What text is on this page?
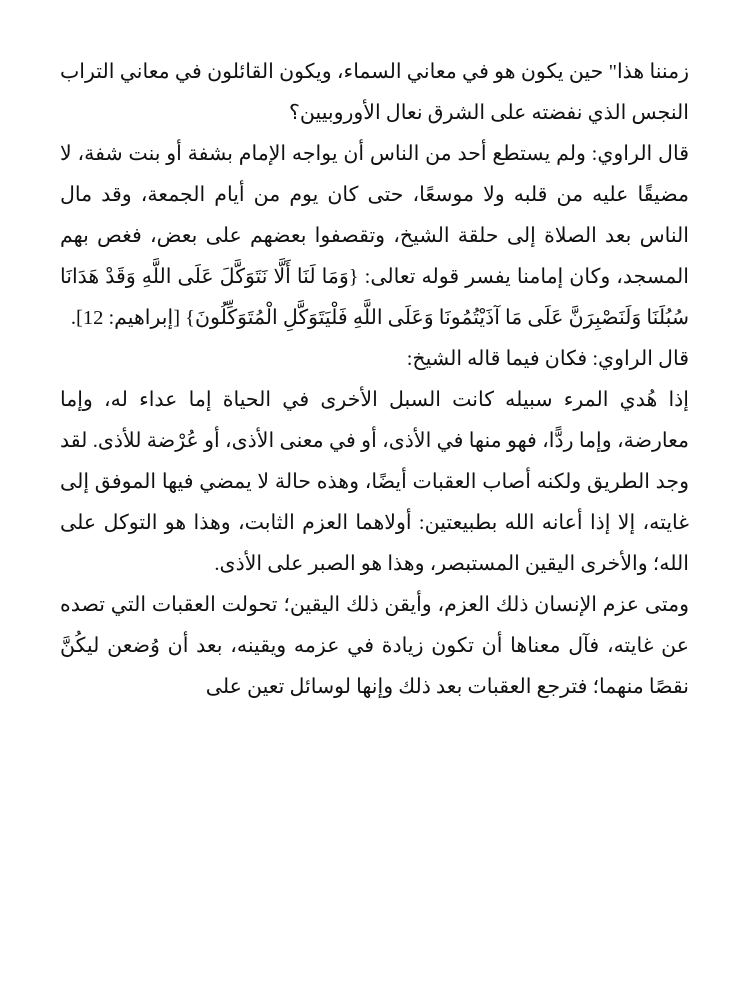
زمننا هذا" حين يكون هو في معاني السماء، ويكون القائلون في معاني التراب النجس الذي نفضته على الشرق نعال الأوروبيين؟

قال الراوي: ولم يستطع أحد من الناس أن يواجه الإمام بشفة أو بنت شفة، لا مضيقًا عليه من قلبه ولا موسعًا، حتى كان يوم من أيام الجمعة، وقد مال الناس بعد الصلاة إلى حلقة الشيخ، وتقصفوا بعضهم على بعض، فغص بهم المسجد، وكان إمامنا يفسر قوله تعالى: {وَمَا لَنَا أَلَّا نَتَوَكَّلَ عَلَى اللَّهِ وَقَدْ هَدَانَا سُبُلَنَا وَلَنَصْبِرَنَّ عَلَى مَا آذَيْتُمُونَا وَعَلَى اللَّهِ فَلْيَتَوَكَّلِ الْمُتَوَكِّلُونَ} [إبراهيم: 12].

قال الراوي: فكان فيما قاله الشيخ:

إذا هُدي المرء سبيله كانت السبل الأخرى في الحياة إما عداء له، وإما معارضة، وإما ردًّا، فهو منها في الأذى، أو في معنى الأذى، أو عُرْضة للأذى. لقد وجد الطريق ولكنه أصاب العقبات أيضًا، وهذه حالة لا يمضي فيها الموفق إلى غايته، إلا إذا أعانه الله بطبيعتين: أولاهما العزم الثابت، وهذا هو التوكل على الله؛ والأخرى اليقين المستبصر، وهذا هو الصبر على الأذى.

ومتى عزم الإنسان ذلك العزم، وأيقن ذلك اليقين؛ تحولت العقبات التي تصده عن غايته، فآل معناها أن تكون زيادة في عزمه ويقينه، بعد أن وُضعن ليكُنَّ نقصًا منهما؛ فترجع العقبات بعد ذلك وإنها لوسائل تعين على
